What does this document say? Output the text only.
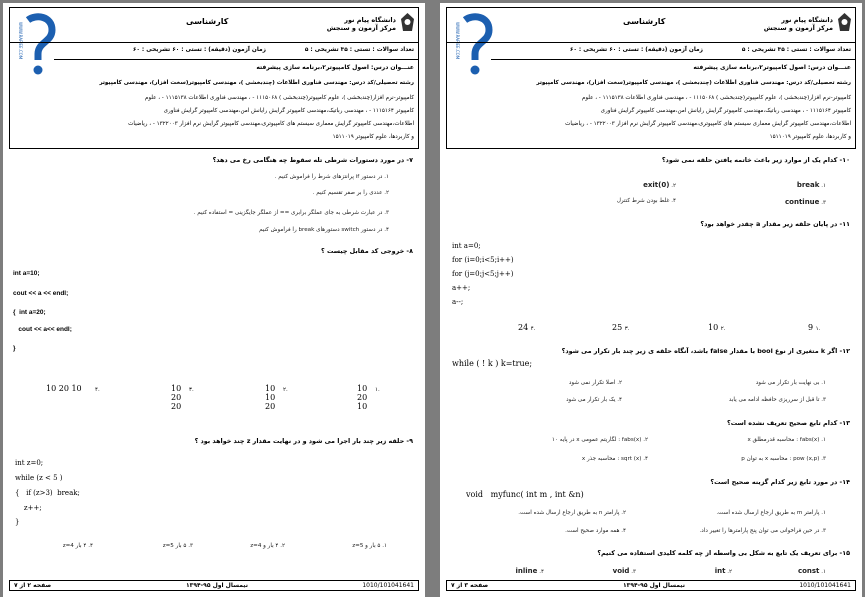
WWW.RAFIEE.COM
کارشناسی	دانشگاه پیام نور
مرکز آزمون و سنجش
تعداد سوالات : تستی : ۳۵ تشریحی : ۵
زمان آزمون (دقیقه) : تستی : ۶۰ تشریحی : ۶۰
عنـــوان درس: اصول کامپیوتر۲،برنامه سازی پیشرفته
رشته تحصیلی/کد درس: مهندسی فناوری اطلاعات (چندبخشی )، مهندسی کامپیوتر(سخت افزار)، مهندسی کامپیوتر
کامپیوتر-نرم افزار(چندبخشی )، علوم کامپیوتر(چندبخشی ) ۱۱۱۵۰۶۸ - ، مهندسی فناوری اطلاعات ۱۱۱۵۱۳۸ - ، علوم
کامپیوتر ۱۱۱۵۱۶۴ - ، مهندسی رباتیک،مهندسی کامپیوتر گرایش رایانش امن،مهندسی کامپیوتر گرایش فناوری
اطلاعات،مهندسی کامپیوتر گرایش معماری سیستم های کامپیوتری،مهندسی کامپیوتر گرایش نرم افزار ۱۳۲۲۰۰۳ - ، ریاضیات
و کاربردها، علوم کامپیوتر ۱۵۱۱۰۱۹
۷- در مورد دستورات شرطی تله سقوط چه هنگامی رخ می دهد؟
۱. در دستور if پرانتزهای شرط را فراموش کنیم .
۲. عددی را بر صفر تقسیم کنیم .
۳. در عبارت شرطی به جای عملگر برابری == از عملگر جایگزینی = استفاده کنیم .
۴. در دستور switch دستورهای break را فراموش کنیم
۸- خروجی کد مقابل چیست ؟
int a=10;
cout << a << endl;
{  int a=20;
cout << a<< endl;
}
10
20
10
۱.
10
10
20
۲.
10
20
20
۳.
10 20 10 ۴.
۹- حلقه زیر چند بار اجرا می شود و در نهایت مقدار z چند خواهد بود ؟
int z=0;
while (z < 5 )
{   if (z>3)  break;
z++;
}
۱. ۵ بار و z=5
۲. ۴ بار و z=4
۳. ۵ بار z=5
۴. ۴ بار z=4
صفحه ۲ از ۷	نیمسال اول ۹۵-۱۳۹۴	1010/101041641
WWW.RAFIEE.COM
کارشناسی	دانشگاه پیام نور
مرکز آزمون و سنجش
تعداد سوالات : تستی : ۳۵ تشریحی : ۵
زمان آزمون (دقیقه) : تستی : ۶۰ تشریحی : ۶۰
عنـــوان درس: اصول کامپیوتر۲،برنامه سازی پیشرفته
رشته تحصیلی/کد درس: مهندسی فناوری اطلاعات (چندبخشی )، مهندسی کامپیوتر(سخت افزار)، مهندسی کامپیوتر
کامپیوتر-نرم افزار(چندبخشی )، علوم کامپیوتر(چندبخشی ) ۱۱۱۵۰۶۸ - ، مهندسی فناوری اطلاعات ۱۱۱۵۱۳۸ - ، علوم
کامپیوتر ۱۱۱۵۱۶۴ - ، مهندسی رباتیک،مهندسی کامپیوتر گرایش رایانش امن،مهندسی کامپیوتر گرایش فناوری
اطلاعات،مهندسی کامپیوتر گرایش معماری سیستم های کامپیوتری،مهندسی کامپیوتر گرایش نرم افزار ۱۳۲۲۰۰۳ - ، ریاضیات
و کاربردها، علوم کامپیوتر ۱۵۱۱۰۱۹
۱۰- کدام یک از موارد زیر باعث خاتمه یافتن حلقه نمی شود؟
۱. break
۲. exit(0)
۳. continue
۴. غلط بودن شرط کنترل
۱۱- در پایان حلقه زیر مقدار a چقدر خواهد بود؟
int a=0;
for (i=0;i<5;i++)
for (j=0;j<5;j++)
a++;
a--;
9 ۱.
10 ۲.
25 ۳.
24 ۴.
۱۲- اگر k متغیری از نوع bool با مقدار false باشد، آنگاه حلقه ی زیر چند بار تکرار می شود؟
while ( ! k ) k=true;
۱. بی نهایت بار تکرار می شود
۲. اصلا تکرار نمی شود
۳. تا قبل از سرریزی حافظه ادامه می یابد
۴. یک بار تکرار می شود
۱۳- کدام تابع صحیح تعریف نشده است؟
۱. fabs(x) : محاسبه قدرمطلق x
۲. fabs(x) : لگاریتم عمومی x در پایه ۱۰
۳. pow (x,p) : محاسبه x به توان p
۴. sqrt (x) : محاسبه جذر x
۱۴- در مورد تابع زیر کدام گزینه صحیح است؟
void   myfunc( int m , int &n)
۱. پارامتر m به طریق ارجاع ارسال شده است.
۲. پارامتر n به طریق ارجاع ارسال شده است.
۳. در حین فراخوانی می توان پنج پارامترها را تغییر داد.
۴. همه موارد صحیح است.
۱۵- برای تعریف یک تابع به شکل بی واسطه از چه کلمه کلیدی استفاده می کنیم؟
۱. const
۲. int
۳. void
۴. inline
صفحه ۳ از ۷	نیمسال اول ۹۵-۱۳۹۴	1010/101041641
